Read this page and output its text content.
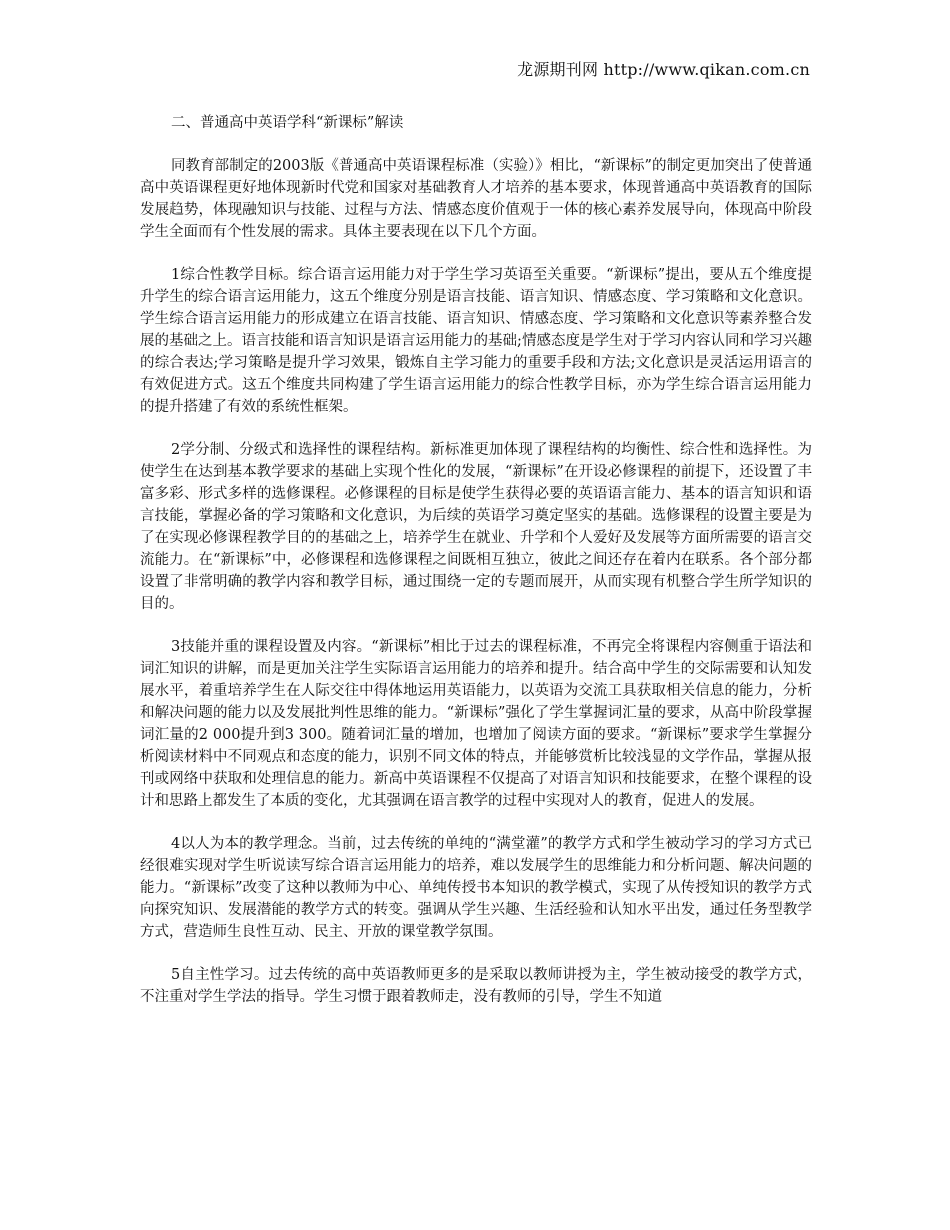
龙源期刊网 http://www.qikan.com.cn

二、普通高中英语学科“新课标”解读

同教育部制定的2003版《普通高中英语课程标准（实验）》相比，“新课标”的制定更加突出了使普通高中英语课程更好地体现新时代党和国家对基础教育人才培养的基本要求，体现普通高中英语教育的国际发展趋势，体现融知识与技能、过程与方法、情感态度价值观于一体的核心素养发展导向，体现高中阶段学生全面而有个性发展的需求。具体主要表现在以下几个方面。

1综合性教学目标。综合语言运用能力对于学生学习英语至关重要。“新课标”提出，要从五个维度提升学生的综合语言运用能力，这五个维度分别是语言技能、语言知识、情感态度、学习策略和文化意识。学生综合语言运用能力的形成建立在语言技能、语言知识、情感态度、学习策略和文化意识等素养整合发展的基础之上。语言技能和语言知识是语言运用能力的基础;情感态度是学生对于学习内容认同和学习兴趣的综合表达;学习策略是提升学习效果，锻炼自主学习能力的重要手段和方法;文化意识是灵活运用语言的有效促进方式。这五个维度共同构建了学生语言运用能力的综合性教学目标，亦为学生综合语言运用能力的提升搭建了有效的系统性框架。

2学分制、分级式和选择性的课程结构。新标准更加体现了课程结构的均衡性、综合性和选择性。为使学生在达到基本教学要求的基础上实现个性化的发展，“新课标”在开设必修课程的前提下，还设置了丰富多彩、形式多样的选修课程。必修课程的目标是使学生获得必要的英语语言能力、基本的语言知识和语言技能，掌握必备的学习策略和文化意识，为后续的英语学习奠定坚实的基础。选修课程的设置主要是为了在实现必修课程教学目的的基础之上，培养学生在就业、升学和个人爱好及发展等方面所需要的语言交流能力。在“新课标”中，必修课程和选修课程之间既相互独立，彼此之间还存在着内在联系。各个部分都设置了非常明确的教学内容和教学目标，通过围绕一定的专题而展开，从而实现有机整合学生所学知识的目的。

3技能并重的课程设置及内容。“新课标”相比于过去的课程标准，不再完全将课程内容侧重于语法和词汇知识的讲解，而是更加关注学生实际语言运用能力的培养和提升。结合高中学生的交际需要和认知发展水平，着重培养学生在人际交往中得体地运用英语能力，以英语为交流工具获取相关信息的能力，分析和解决问题的能力以及发展批判性思维的能力。“新课标”强化了学生掌握词汇量的要求，从高中阶段掌握词汇量的2 000提升到3 300。随着词汇量的增加，也增加了阅读方面的要求。“新课标”要求学生掌握分析阅读材料中不同观点和态度的能力，识别不同文体的特点，并能够赏析比较浅显的文学作品，掌握从报刊或网络中获取和处理信息的能力。新高中英语课程不仅提高了对语言知识和技能要求，在整个课程的设计和思路上都发生了本质的变化，尤其强调在语言教学的过程中实现对人的教育，促进人的发展。

4以人为本的教学理念。当前，过去传统的单纯的“满堂灌”的教学方式和学生被动学习的学习方式已经很难实现对学生听说读写综合语言运用能力的培养，难以发展学生的思维能力和分析问题、解决问题的能力。“新课标”改变了这种以教师为中心、单纯传授书本知识的教学模式，实现了从传授知识的教学方式向探究知识、发展潜能的教学方式的转变。强调从学生兴趣、生活经验和认知水平出发，通过任务型教学方式，营造师生良性互动、民主、开放的课堂教学氛围。

5自主性学习。过去传统的高中英语教师更多的是采取以教师讲授为主，学生被动接受的教学方式，不注重对学生学法的指导。学生习惯于跟着教师走，没有教师的引导，学生不知道
